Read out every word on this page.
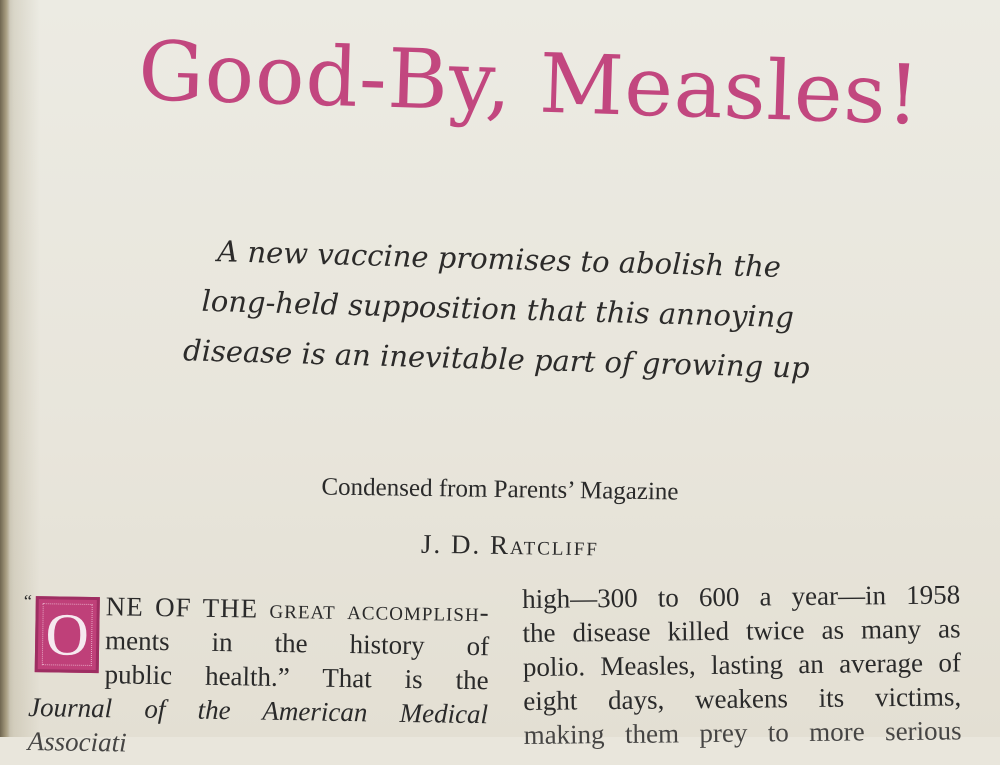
Good-By, Measles!
A new vaccine promises to abolish the
long-held supposition that this annoying
disease is an inevitable part of growing up
Condensed from Parents’ Magazine
J. D. Ratcliff
“
O NE OF THE great accomplish-
ments in the history of
public health.” That is the
Journal of the American Medical
Associati
high—300 to 600 a year—in 1958
the disease killed twice as many as
polio. Measles, lasting an average of
eight days, weakens its victims,
making them prey to more serious
